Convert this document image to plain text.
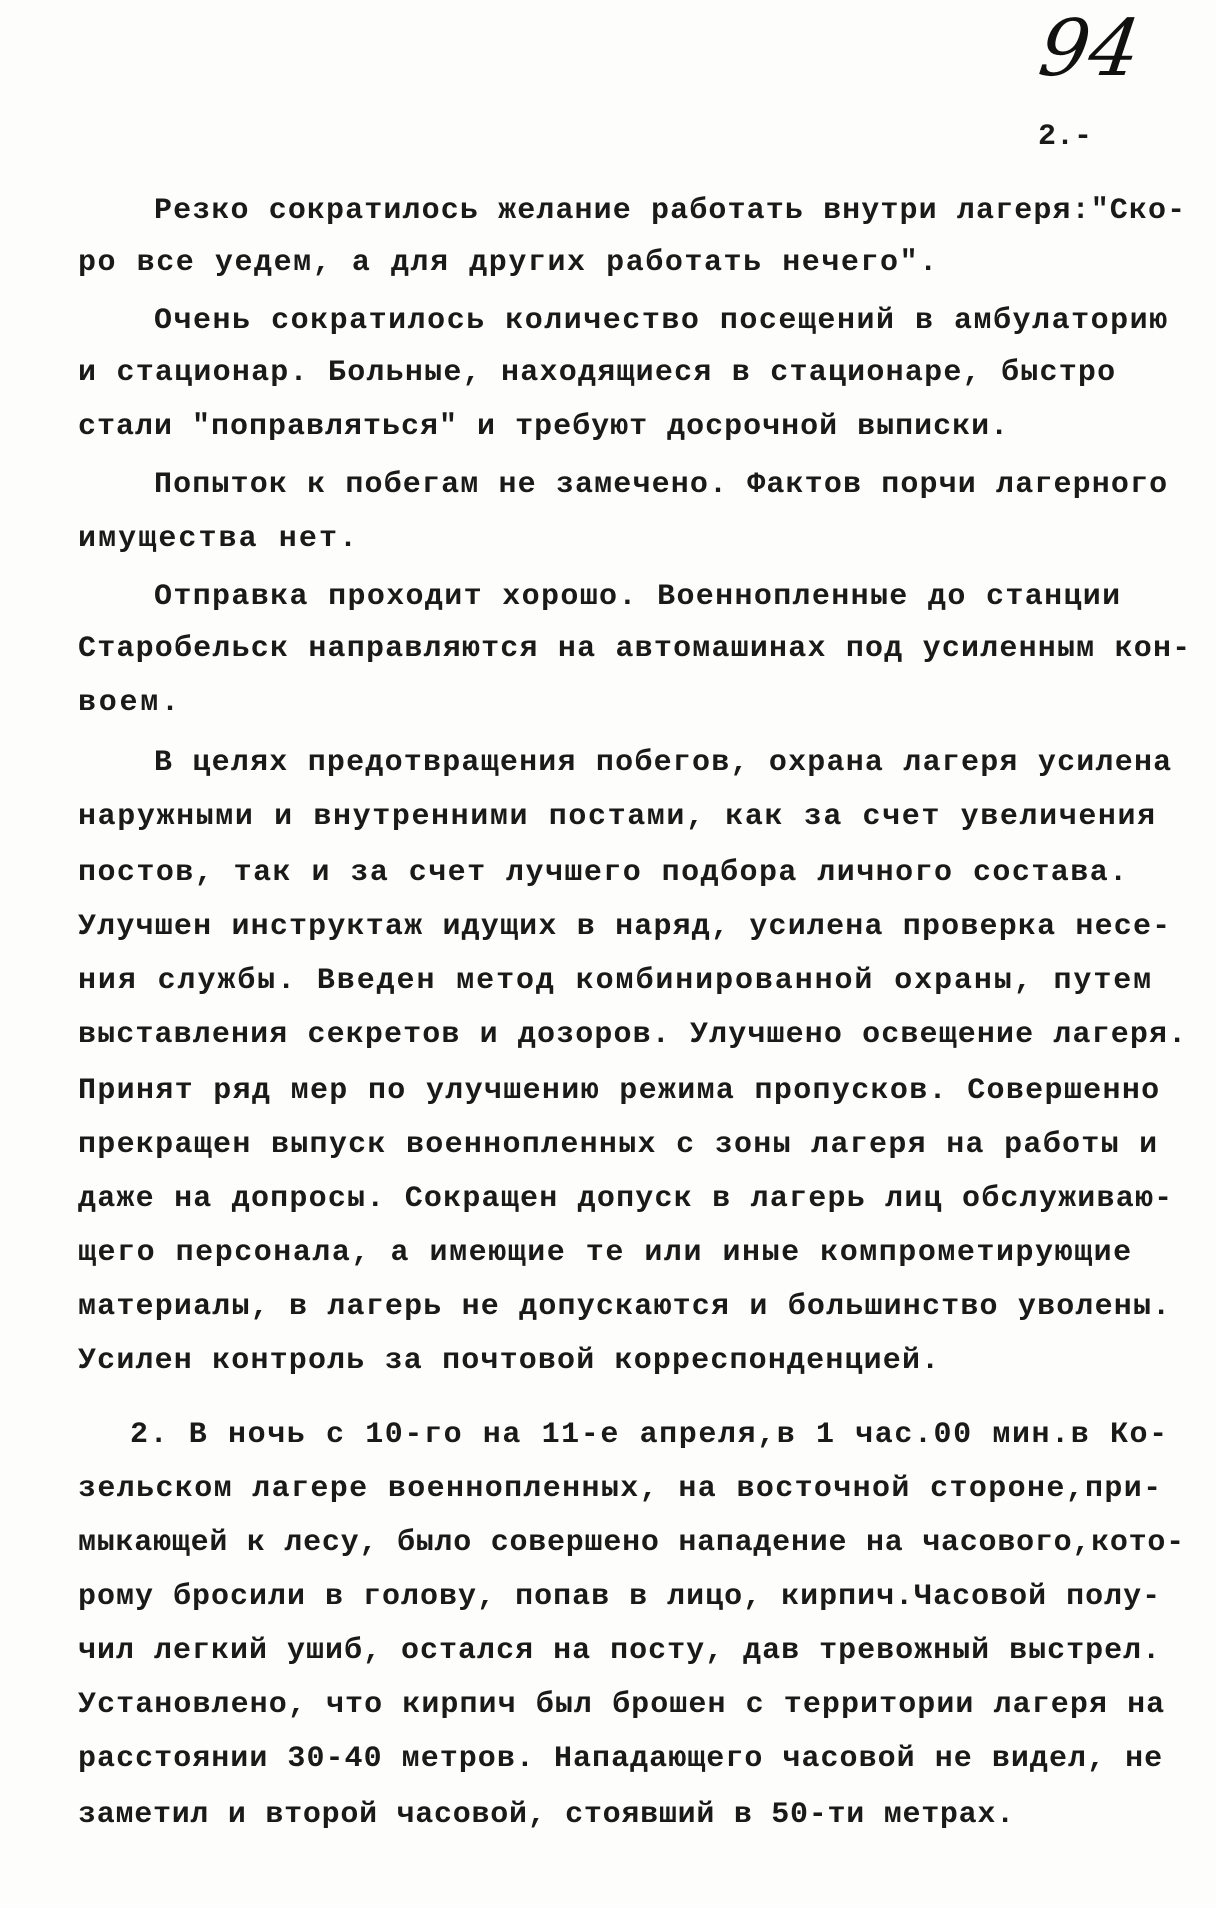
94
2.-
Резко сократилось желание работать внутри лагеря:"Ско-
ро все уедем, а для других работать нечего".
Очень сократилось количество посещений в амбулаторию
и стационар. Больные, находящиеся в стационаре, быстро
стали "поправляться" и требуют досрочной выписки.
Попыток к побегам не замечено. Фактов порчи лагерного
имущества нет.
Отправка проходит хорошо. Военнопленные до станции
Старобельск направляются на автомашинах под усиленным кон-
воем.
В целях предотвращения побегов, охрана лагеря усилена
наружными и внутренними постами, как за счет увеличения
постов, так и за счет лучшего подбора личного состава.
Улучшен инструктаж идущих в наряд, усилена проверка несе-
ния службы. Введен метод комбинированной охраны, путем
выставления секретов и дозоров. Улучшено освещение лагеря.
Принят ряд мер по улучшению режима пропусков. Совершенно
прекращен выпуск военнопленных с зоны лагеря на работы и
даже на допросы. Сокращен допуск в лагерь лиц обслуживаю-
щего персонала, а имеющие те или иные компрометирующие
материалы, в лагерь не допускаются и большинство уволены.
Усилен контроль за почтовой корреспонденцией.
2. В ночь с 10-го на 11-е апреля,в 1 час.00 мин.в Ко-
зельском лагере военнопленных, на восточной стороне,при-
мыкающей к лесу, было совершено нападение на часового,кото-
рому бросили в голову, попав в лицо, кирпич.Часовой полу-
чил легкий ушиб, остался на посту, дав тревожный выстрел.
Установлено, что кирпич был брошен с территории лагеря на
расстоянии 30-40 метров. Нападающего часовой не видел, не
заметил и второй часовой, стоявший в 50-ти метрах.
